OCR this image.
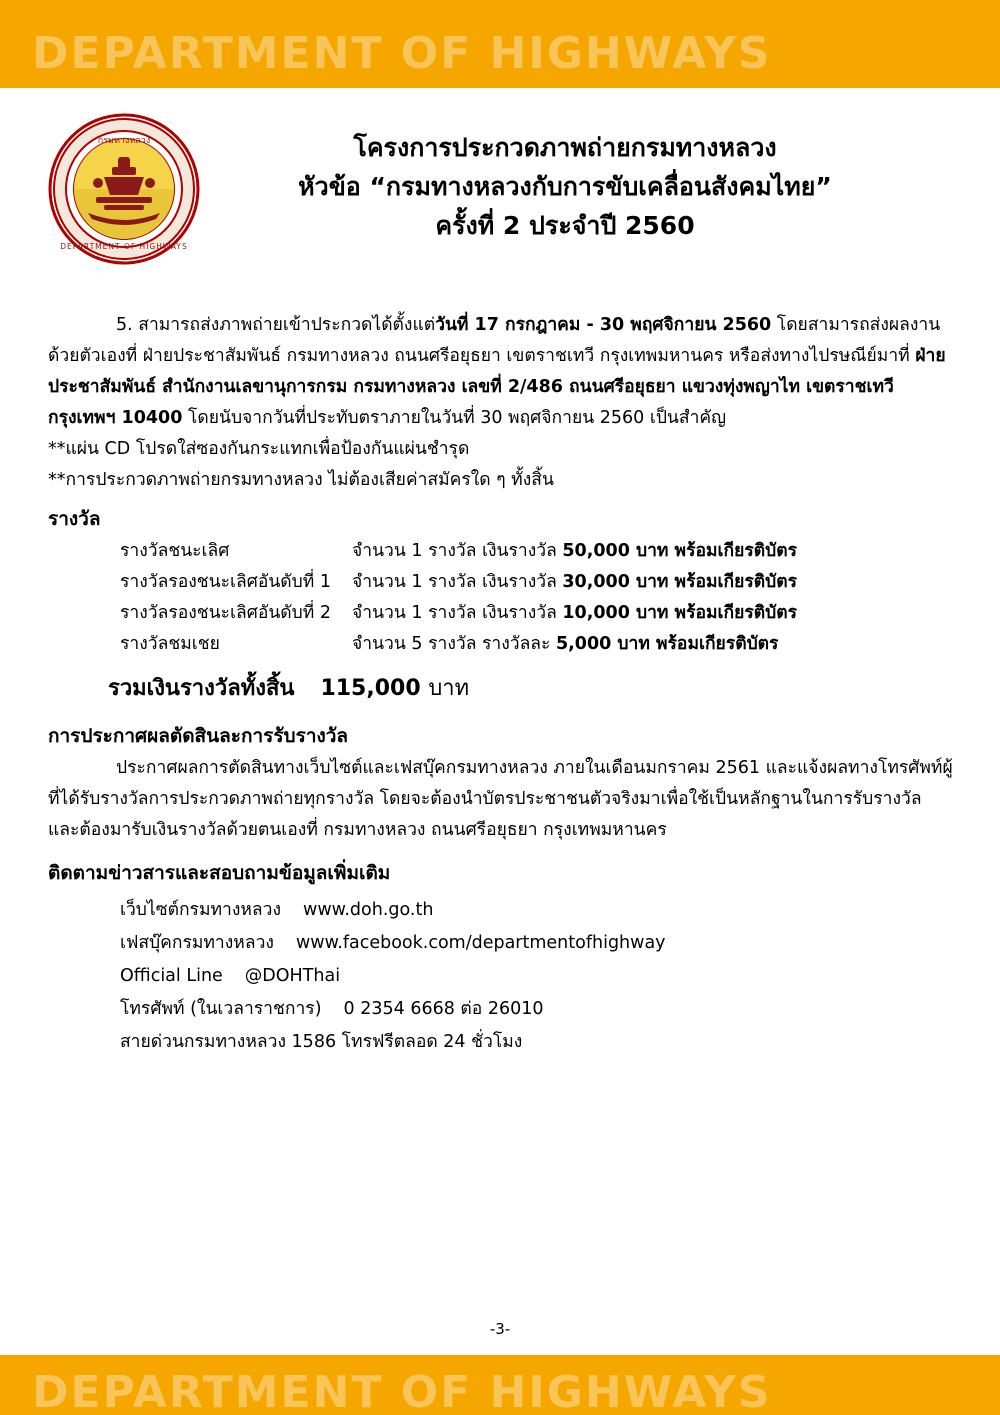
DEPARTMENT OF HIGHWAYS
กรมทางหลวง
DEPARTMENT OF HIGHWAYS
โครงการประกวดภาพถ่ายกรมทางหลวง
หัวข้อ “กรมทางหลวงกับการขับเคลื่อนสังคมไทย”
ครั้งที่ 2 ประจำปี 2560
5. สามารถส่งภาพถ่ายเข้าประกวดได้ตั้งแต่วันที่ 17 กรกฎาคม - 30 พฤศจิกายน 2560 โดยสามารถส่งผลงานด้วยตัวเองที่ ฝ่ายประชาสัมพันธ์ กรมทางหลวง ถนนศรีอยุธยา เขตราชเทวี กรุงเทพมหานคร หรือส่งทางไปรษณีย์มาที่ ฝ่ายประชาสัมพันธ์ สำนักงานเลขานุการกรม กรมทางหลวง เลขที่ 2/486 ถนนศรีอยุธยา แขวงทุ่งพญาไท เขตราชเทวี กรุงเทพฯ 10400 โดยนับจากวันที่ประทับตราภายในวันที่ 30 พฤศจิกายน 2560 เป็นสำคัญ
**แผ่น CD โปรดใส่ซองกันกระแทกเพื่อป้องกันแผ่นชำรุด
**การประกวดภาพถ่ายกรมทางหลวง ไม่ต้องเสียค่าสมัครใด ๆ ทั้งสิ้น
รางวัล
รางวัลชนะเลิศ	จำนวน 1 รางวัล เงินรางวัล 50,000 บาท พร้อมเกียรติบัตร
รางวัลรองชนะเลิศอันดับที่ 1	จำนวน 1 รางวัล เงินรางวัล 30,000 บาท พร้อมเกียรติบัตร
รางวัลรองชนะเลิศอันดับที่ 2	จำนวน 1 รางวัล เงินรางวัล 10,000 บาท พร้อมเกียรติบัตร
รางวัลชมเชย	จำนวน 5 รางวัล รางวัลละ 5,000 บาท พร้อมเกียรติบัตร
รวมเงินรางวัลทั้งสิ้น 115,000 บาท
การประกาศผลตัดสินละการรับรางวัล
ประกาศผลการตัดสินทางเว็บไซต์และเฟสบุ๊คกรมทางหลวง ภายในเดือนมกราคม 2561 และแจ้งผลทางโทรศัพท์ผู้ที่ได้รับรางวัลการประกวดภาพถ่ายทุกรางวัล โดยจะต้องนำบัตรประชาชนตัวจริงมาเพื่อใช้เป็นหลักฐานในการรับรางวัล และต้องมารับเงินรางวัลด้วยตนเองที่ กรมทางหลวง ถนนศรีอยุธยา กรุงเทพมหานคร
ติดตามข่าวสารและสอบถามข้อมูลเพิ่มเติม
เว็บไซต์กรมทางหลวง www.doh.go.th
เฟสบุ๊คกรมทางหลวง www.facebook.com/departmentofhighway
Official Line @DOHThai
โทรศัพท์ (ในเวลาราชการ) 0 2354 6668 ต่อ 26010
สายด่วนกรมทางหลวง 1586 โทรฟรีตลอด 24 ชั่วโมง
-3-
DEPARTMENT OF HIGHWAYS
